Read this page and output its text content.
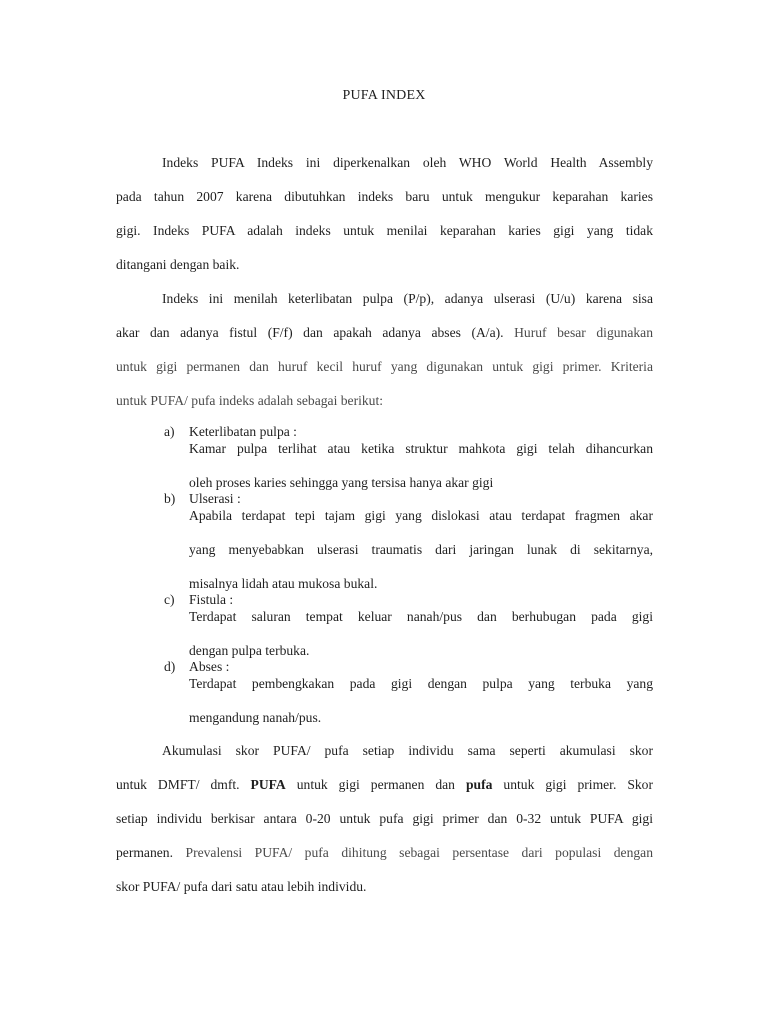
PUFA INDEX
Indeks PUFA Indeks ini diperkenalkan oleh WHO World Health Assembly
pada tahun 2007 karena dibutuhkan indeks baru untuk mengukur keparahan karies
gigi. Indeks PUFA adalah indeks untuk menilai keparahan karies gigi yang tidak
ditangani dengan baik.
Indeks ini menilah keterlibatan pulpa (P/p), adanya ulserasi (U/u) karena sisa
akar dan adanya fistul (F/f) dan apakah adanya abses (A/a). Huruf besar digunakan
untuk gigi permanen dan huruf kecil huruf yang digunakan untuk gigi primer. Kriteria
untuk PUFA/ pufa indeks adalah sebagai berikut:
a) Keterlibatan pulpa :
Kamar pulpa terlihat atau ketika struktur mahkota gigi telah dihancurkan
oleh proses karies sehingga yang tersisa hanya akar gigi
b) Ulserasi :
Apabila terdapat tepi tajam gigi yang dislokasi atau terdapat fragmen akar
yang menyebabkan ulserasi traumatis dari jaringan lunak di sekitarnya,
misalnya lidah atau mukosa bukal.
c) Fistula :
Terdapat saluran tempat keluar nanah/pus dan berhubugan pada gigi
dengan pulpa terbuka.
d) Abses :
Terdapat pembengkakan pada gigi dengan pulpa yang terbuka yang
mengandung nanah/pus.
Akumulasi skor PUFA/ pufa setiap individu sama seperti akumulasi skor
untuk DMFT/ dmft. PUFA untuk gigi permanen dan pufa untuk gigi primer. Skor
setiap individu berkisar antara 0-20 untuk pufa gigi primer dan 0-32 untuk PUFA gigi
permanen. Prevalensi PUFA/ pufa dihitung sebagai persentase dari populasi dengan
skor PUFA/ pufa dari satu atau lebih individu.
